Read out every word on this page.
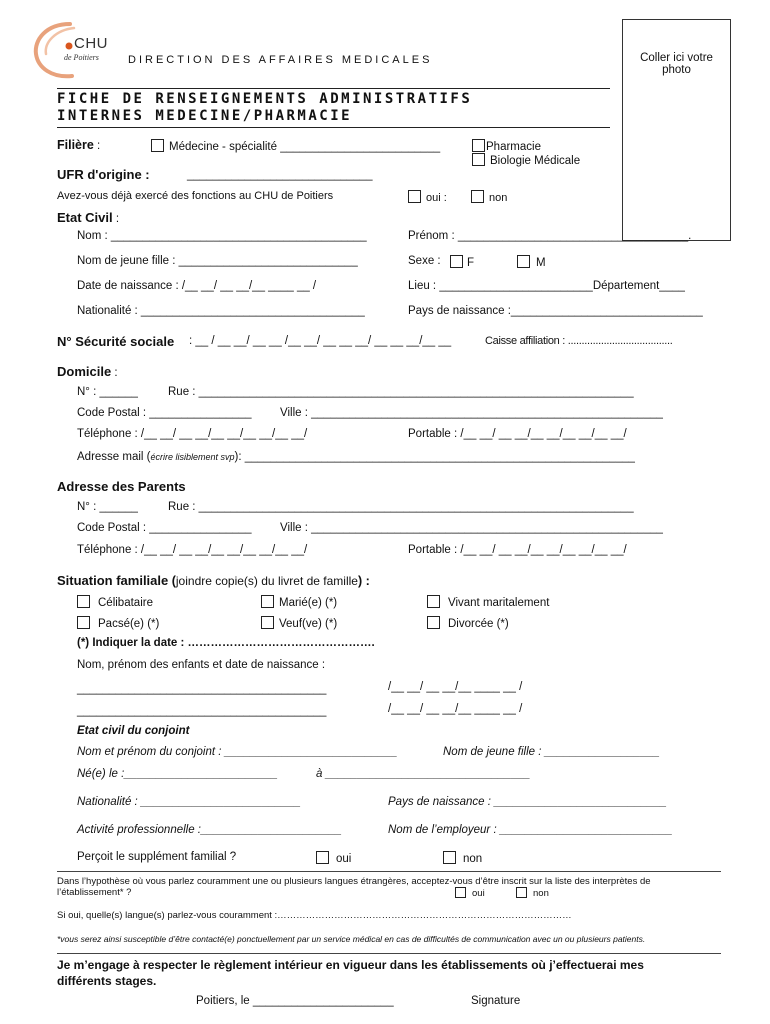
CHU
de Poitiers	DIRECTION DES AFFAIRES MEDICALES	Coller ici votre
photo
FICHE DE RENSEIGNEMENTS ADMINISTRATIFS
INTERNES MEDECINE/PHARMACIE
Filière :	Médecine - spécialité _________________________	Pharmacie
Biologie Médicale
UFR d'origine :	_____________________________
Avez-vous déjà exercé des fonctions au CHU de Poitiers	oui :	non
Etat Civil :
Nom : ________________________________________	Prénom : ____________________________________.
Nom de jeune fille : ____________________________	Sexe :	F	M
Date de naissance : /__ __/ __ __/__ ____ __ /	Lieu : ________________________Département____
Nationalité : ___________________________________	Pays de naissance :______________________________
N° Sécurité sociale : __ / __ __/ __ __ /__ __/ __ __ __/ __ __ __/__ __	Caisse affiliation : ......................................
Domicile :
N° : ______	Rue : ____________________________________________________________________
Code Postal : ________________ Ville : _______________________________________________________
Téléphone : /__ __/ __ __/__ __/__ __/__ __/	Portable : /__ __/ __ __/__ __/__ __/__ __/
Adresse mail (écrire lisiblement svp): _____________________________________________________________
Adresse des Parents
N° : ______	Rue : ____________________________________________________________________
Code Postal : ________________ Ville : _______________________________________________________
Téléphone : /__ __/ __ __/__ __/__ __/__ __/	Portable : /__ __/ __ __/__ __/__ __/__ __/
Situation familiale (joindre copie(s) du livret de famille) :
Célibataire	Marié(e) (*)	Vivant maritalement
Pacsé(e) (*)	Veuf(ve) (*)	Divorcée (*)
(*) Indiquer la date : ………………………………………….
Nom, prénom des enfants et date de naissance :
_______________________________________	/__ __/ __ __/__ ____ __ /
_______________________________________	/__ __/ __ __/__ ____ __ /
Etat civil du conjoint
Nom et prénom du conjoint : ___________________________	Nom de jeune fille : __________________
Né(e) le :________________________	à ________________________________
Nationalité : _________________________	Pays de naissance : ___________________________
Activité professionnelle :______________________	Nom de l’employeur : ___________________________
Perçoit le supplément familial ?	oui	non
Dans l’hypothèse où vous parlez couramment une ou plusieurs langues étrangères, acceptez-vous d’être inscrit sur la liste des interprètes de
l’établissement* ?	oui	non
Si oui, quelle(s) langue(s) parlez-vous couramment :…………………………………………………………………………………
*vous serez ainsi susceptible d’être contacté(e) ponctuellement par un service médical en cas de difficultés de communication avec un ou plusieurs patients.
Je m’engage à respecter le règlement intérieur en vigueur dans les établissements où j’effectuerai mes
différents stages.
Poitiers, le ______________________	Signature
